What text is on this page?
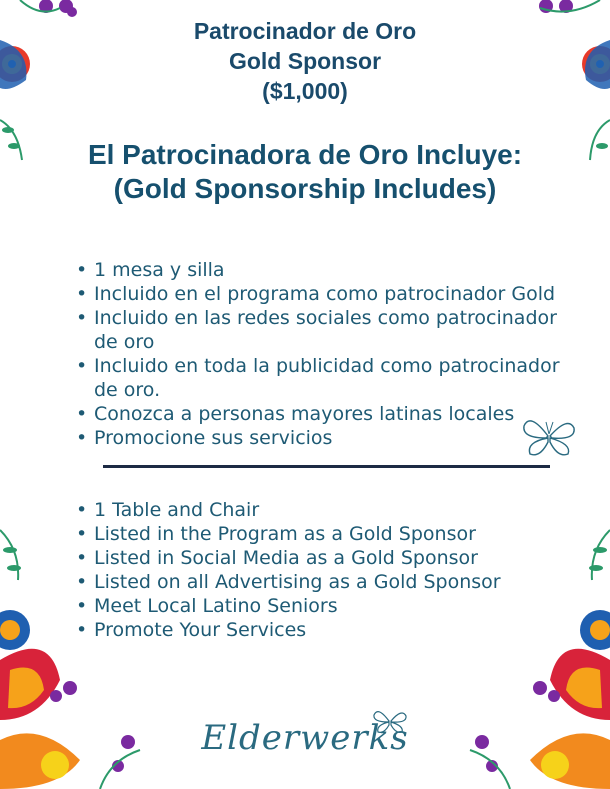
Patrocinador de Oro
Gold Sponsor
($1,000)
El Patrocinadora de Oro Incluye:
(Gold Sponsorship Includes)
• 1 mesa y silla
• Incluido en el programa como patrocinador Gold
• Incluido en las redes sociales como patrocinador de oro
• Incluido en toda la publicidad como patrocinador de oro.
• Conozca a personas mayores latinas locales
• Promocione sus servicios
• 1 Table and Chair
• Listed in the Program as a Gold Sponsor
• Listed in Social Media as a Gold Sponsor
• Listed on all Advertising as a Gold Sponsor
• Meet Local Latino Seniors
• Promote Your Services
Elderwerks
